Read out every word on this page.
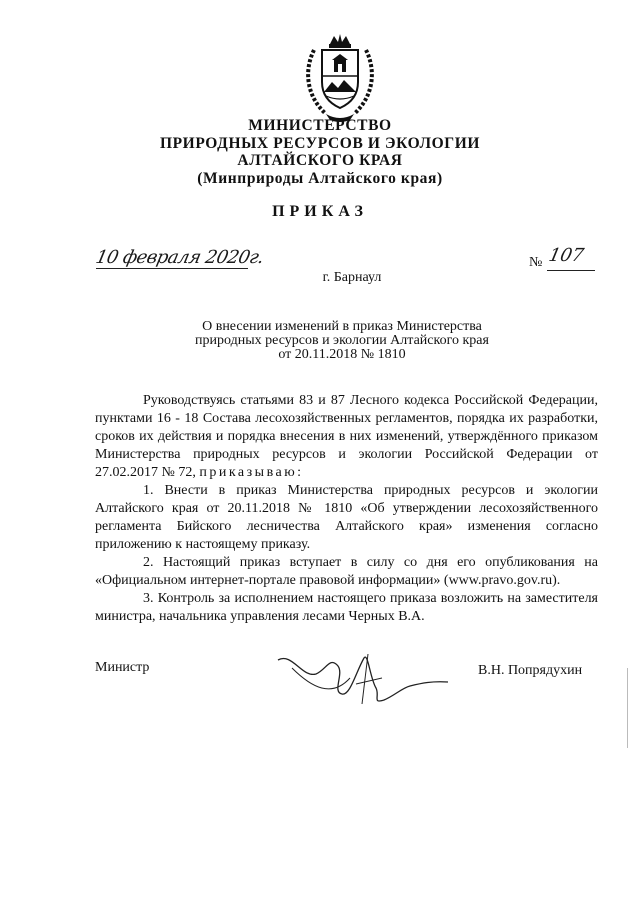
МИНИСТЕРСТВО
ПРИРОДНЫХ РЕСУРСОВ И ЭКОЛОГИИ
АЛТАЙСКОГО КРАЯ
(Минприроды Алтайского края)
ПРИКАЗ
10 февраля 2020г.	№ 107
г. Барнаул
О внесении изменений в приказ Министерства
природных ресурсов и экологии Алтайского края
от 20.11.2018 № 1810

Руководствуясь статьями 83 и 87 Лесного кодекса Российской Федерации, пунктами 16 - 18 Состава лесохозяйственных регламентов, порядка их разработки, сроков их действия и порядка внесения в них изменений, утверждённого приказом Министерства природных ресурсов и экологии Российской Федерации от 27.02.2017 № 72, приказываю:

1. Внести в приказ Министерства природных ресурсов и экологии Алтайского края от 20.11.2018 № 1810 «Об утверждении лесохозяйственного регламента Бийского лесничества Алтайского края» изменения согласно приложению к настоящему приказу.

2. Настоящий приказ вступает в силу со дня его опубликования на «Официальном интернет-портале правовой информации» (www.pravo.gov.ru).

3. Контроль за исполнением настоящего приказа возложить на заместителя министра, начальника управления лесами Черных В.А.

Министр	В.Н. Попрядухин
